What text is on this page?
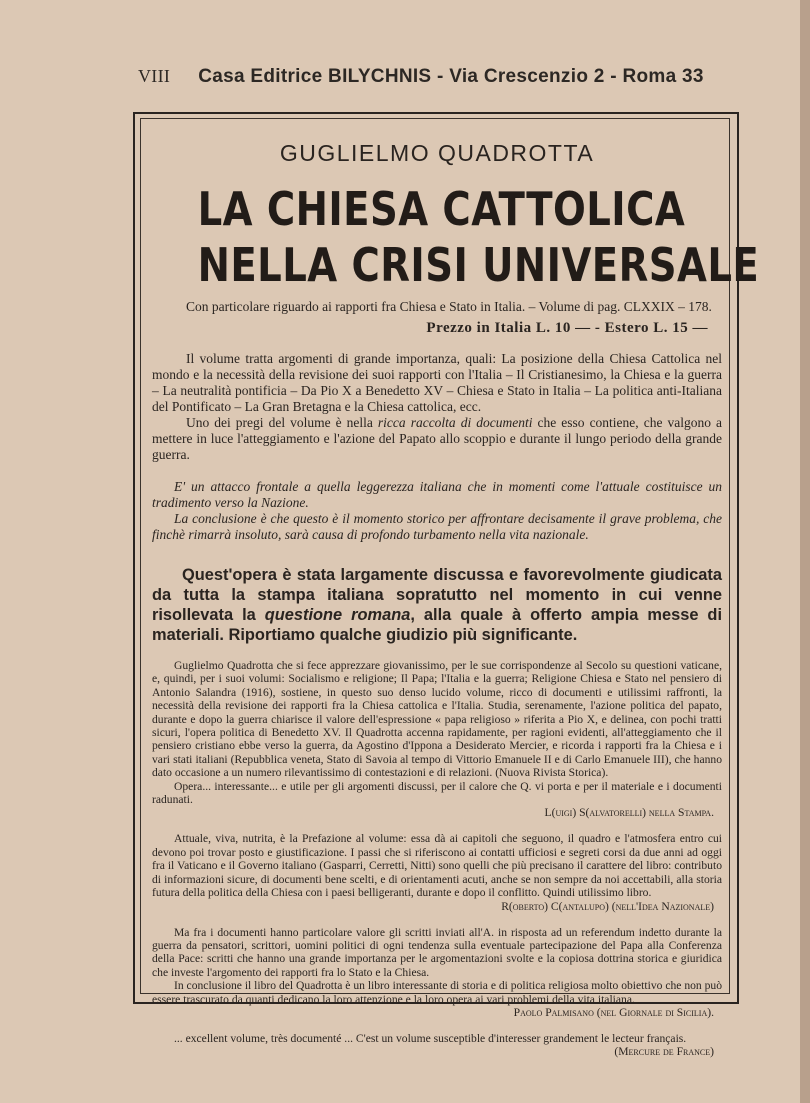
VIII Casa Editrice BILYCHNIS - Via Crescenzio 2 - Roma 33
GUGLIELMO QUADROTTA
LA CHIESA CATTOLICA
NELLA CRISI UNIVERSALE

Con particolare riguardo ai rapporti fra Chiesa e Stato in Italia. – Volume di pag. CLXXIX – 178.

Prezzo in Italia L. 10 — - Estero L. 15 —

Il volume tratta argomenti di grande importanza, quali: La posizione della Chiesa Cattolica nel mondo e la necessità della revisione dei suoi rapporti con l'Italia – Il Cristianesimo, la Chiesa e la guerra – La neutralità pontificia – Da Pio X a Benedetto XV – Chiesa e Stato in Italia – La politica anti-Italiana del Pontificato – La Gran Bretagna e la Chiesa cattolica, ecc.

Uno dei pregi del volume è nella ricca raccolta di documenti che esso contiene, che valgono a mettere in luce l'atteggiamento e l'azione del Papato allo scoppio e durante il lungo periodo della grande guerra.

E' un attacco frontale a quella leggerezza italiana che in momenti come l'attuale costituisce un tradimento verso la Nazione.

La conclusione è che questo è il momento storico per affrontare decisamente il grave problema, che finchè rimarrà insoluto, sarà causa di profondo turbamento nella vita nazionale.

Quest'opera è stata largamente discussa e favorevolmente giudicata da tutta la stampa italiana sopratutto nel momento in cui venne risollevata la questione romana, alla quale à offerto ampia messe di materiali. Riportiamo qualche giudizio più significante.

Guglielmo Quadrotta che si fece apprezzare giovanissimo, per le sue corrispondenze al Secolo su questioni vaticane, e, quindi, per i suoi volumi: Socialismo e religione; Il Papa; l'Italia e la guerra; Religione Chiesa e Stato nel pensiero di Antonio Salandra (1916), sostiene, in questo suo denso lucido volume, ricco di documenti e utilissimi raffronti, la necessità della revisione dei rapporti fra la Chiesa cattolica e l'Italia. Studia, serenamente, l'azione politica del papato, durante e dopo la guerra chiarisce il valore dell'espressione « papa religioso » riferita a Pio X, e delinea, con pochi tratti sicuri, l'opera politica di Benedetto XV. Il Quadrotta accenna rapidamente, per ragioni evidenti, all'atteggiamento che il pensiero cristiano ebbe verso la guerra, da Agostino d'Ippona a Desiderato Mercier, e ricorda i rapporti fra la Chiesa e i vari stati italiani (Repubblica veneta, Stato di Savoia al tempo di Vittorio Emanuele II e di Carlo Emanuele III), che hanno dato occasione a un numero rilevantissimo di contestazioni e di relazioni. (Nuova Rivista Storica).

Opera... interessante... e utile per gli argomenti discussi, per il calore che Q. vi porta e per il materiale e i documenti radunati.

L(uigi) S(alvatorelli) nella Stampa.

Attuale, viva, nutrita, è la Prefazione al volume: essa dà ai capitoli che seguono, il quadro e l'atmosfera entro cui devono poi trovar posto e giustificazione. I passi che si riferiscono ai contatti ufficiosi e segreti corsi da due anni ad oggi fra il Vaticano e il Governo italiano (Gasparri, Cerretti, Nitti) sono quelli che più precisano il carattere del libro: contributo di informazioni sicure, di documenti bene scelti, e di orientamenti acuti, anche se non sempre da noi accettabili, alla storia futura della politica della Chiesa con i paesi belligeranti, durante e dopo il conflitto. Quindi utilissimo libro.

R(oberto) C(antalupo) (nell'Idea Nazionale)

Ma fra i documenti hanno particolare valore gli scritti inviati all'A. in risposta ad un referendum indetto durante la guerra da pensatori, scrittori, uomini politici di ogni tendenza sulla eventuale partecipazione del Papa alla Conferenza della Pace: scritti che hanno una grande importanza per le argomentazioni svolte e la copiosa dottrina storica e giuridica che investe l'argomento dei rapporti fra lo Stato e la Chiesa.

In conclusione il libro del Quadrotta è un libro interessante di storia e di politica religiosa molto obiettivo che non può essere trascurato da quanti dedicano la loro attenzione e la loro opera ai vari problemi della vita italiana.

Paolo Palmisano (nel Giornale di Sicilia).

... excellent volume, très documenté ... C'est un volume susceptible d'interesser grandement le lecteur français.

(Mercure de France)
